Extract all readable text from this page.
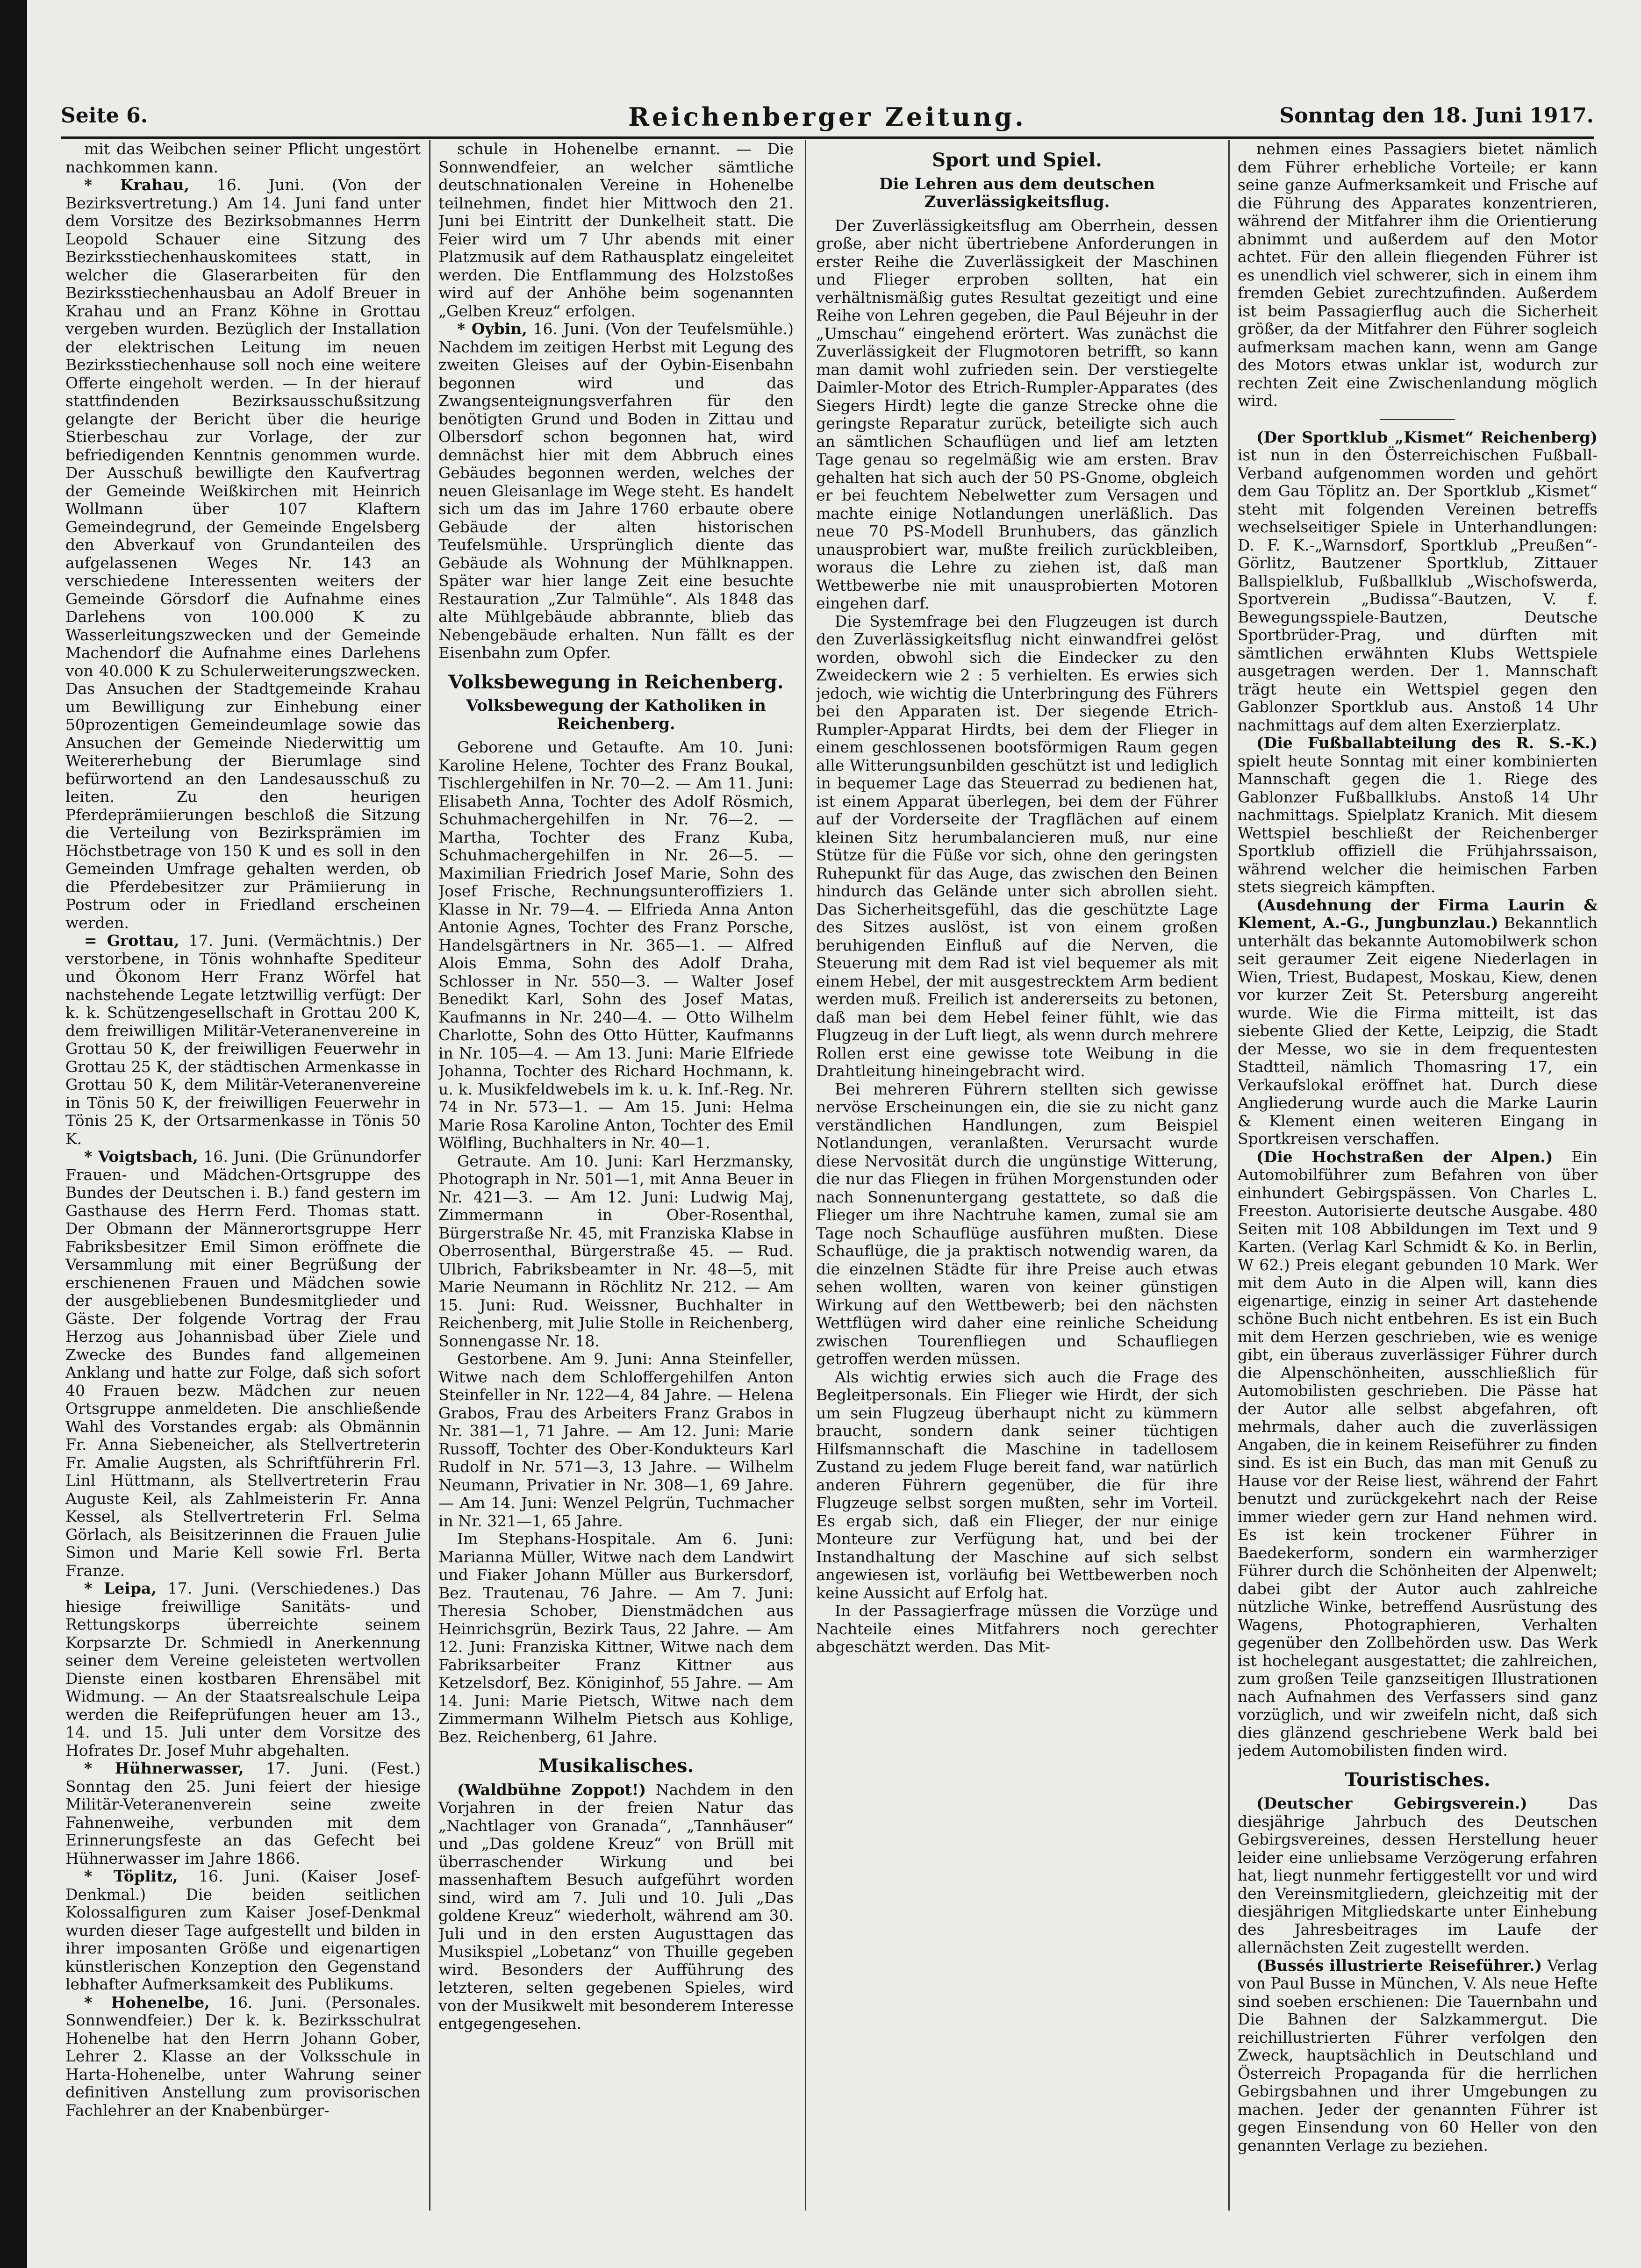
Seite 6.	Reichenberger Zeitung.	Sonntag den 18. Juni 1917.

mit das Weibchen seiner Pflicht ungestört nachkommen kann.

* Krahau, 16. Juni. (Von der Bezirksvertretung.) Am 14. Juni fand unter dem Vorsitze des Bezirksobmannes Herrn Leopold Schauer eine Sitzung des Bezirksstiechenhauskomitees statt, in welcher die Glaserarbeiten für den Bezirksstiechenhausbau an Adolf Breuer in Krahau und an Franz Köhne in Grottau vergeben wurden. Bezüglich der Installation der elektrischen Leitung im neuen Bezirksstiechenhause soll noch eine weitere Offerte eingeholt werden. — In der hierauf stattfindenden Bezirksausschußsitzung gelangte der Bericht über die heurige Stierbeschau zur Vorlage, der zur befriedigenden Kenntnis genommen wurde. Der Ausschuß bewilligte den Kaufvertrag der Gemeinde Weißkirchen mit Heinrich Wollmann über 107 Klaftern Gemeindegrund, der Gemeinde Engelsberg den Abverkauf von Grundanteilen des aufgelassenen Weges Nr. 143 an verschiedene Interessenten weiters der Gemeinde Görsdorf die Aufnahme eines Darlehens von 100.000 K zu Wasserleitungszwecken und der Gemeinde Machendorf die Aufnahme eines Darlehens von 40.000 K zu Schulerweiterungszwecken. Das Ansuchen der Stadtgemeinde Krahau um Bewilligung zur Einhebung einer 50prozentigen Gemeindeumlage sowie das Ansuchen der Gemeinde Niederwittig um Weitererhebung der Bierumlage sind befürwortend an den Landesausschuß zu leiten. Zu den heurigen Pferdeprämiierungen beschloß die Sitzung die Verteilung von Bezirksprämien im Höchstbetrage von 150 K und es soll in den Gemeinden Umfrage gehalten werden, ob die Pferdebesitzer zur Prämiierung in Postrum oder in Friedland erscheinen werden.

= Grottau, 17. Juni. (Vermächtnis.) Der verstorbene, in Tönis wohnhafte Spediteur und Ökonom Herr Franz Wörfel hat nachstehende Legate letztwillig verfügt: Der k. k. Schützengesellschaft in Grottau 200 K, dem freiwilligen Militär-Veteranenvereine in Grottau 50 K, der freiwilligen Feuerwehr in Grottau 25 K, der städtischen Armenkasse in Grottau 50 K, dem Militär-Veteranenvereine in Tönis 50 K, der freiwilligen Feuerwehr in Tönis 25 K, der Ortsarmenkasse in Tönis 50 K.

* Voigtsbach, 16. Juni. (Die Grünundorfer Frauen- und Mädchen-Ortsgruppe des Bundes der Deutschen i. B.) fand gestern im Gasthause des Herrn Ferd. Thomas statt. Der Obmann der Männerortsgruppe Herr Fabriksbesitzer Emil Simon eröffnete die Versammlung mit einer Begrüßung der erschienenen Frauen und Mädchen sowie der ausgebliebenen Bundesmitglieder und Gäste. Der folgende Vortrag der Frau Herzog aus Johannisbad über Ziele und Zwecke des Bundes fand allgemeinen Anklang und hatte zur Folge, daß sich sofort 40 Frauen bezw. Mädchen zur neuen Ortsgruppe anmeldeten. Die anschließende Wahl des Vorstandes ergab: als Obmännin Fr. Anna Siebeneicher, als Stellvertreterin Fr. Amalie Augsten, als Schriftführerin Frl. Linl Hüttmann, als Stellvertreterin Frau Auguste Keil, als Zahlmeisterin Fr. Anna Kessel, als Stellvertreterin Frl. Selma Görlach, als Beisitzerinnen die Frauen Julie Simon und Marie Kell sowie Frl. Berta Franze.

* Leipa, 17. Juni. (Verschiedenes.) Das hiesige freiwillige Sanitäts- und Rettungskorps überreichte seinem Korpsarzte Dr. Schmiedl in Anerkennung seiner dem Vereine geleisteten wertvollen Dienste einen kostbaren Ehrensäbel mit Widmung. — An der Staatsrealschule Leipa werden die Reifeprüfungen heuer am 13., 14. und 15. Juli unter dem Vorsitze des Hofrates Dr. Josef Muhr abgehalten.

* Hühnerwasser, 17. Juni. (Fest.) Sonntag den 25. Juni feiert der hiesige Militär-Veteranenverein seine zweite Fahnenweihe, verbunden mit dem Erinnerungsfeste an das Gefecht bei Hühnerwasser im Jahre 1866.

* Töplitz, 16. Juni. (Kaiser Josef-Denkmal.) Die beiden seitlichen Kolossalfiguren zum Kaiser Josef-Denkmal wurden dieser Tage aufgestellt und bilden in ihrer imposanten Größe und eigenartigen künstlerischen Konzeption den Gegenstand lebhafter Aufmerksamkeit des Publikums.

* Hohenelbe, 16. Juni. (Personales. Sonnwendfeier.) Der k. k. Bezirksschulrat Hohenelbe hat den Herrn Johann Gober, Lehrer 2. Klasse an der Volksschule in Harta-Hohenelbe, unter Wahrung seiner definitiven Anstellung zum provisorischen Fachlehrer an der Knabenbürger-

schule in Hohenelbe ernannt. — Die Sonnwendfeier, an welcher sämtliche deutschnationalen Vereine in Hohenelbe teilnehmen, findet hier Mittwoch den 21. Juni bei Eintritt der Dunkelheit statt. Die Feier wird um 7 Uhr abends mit einer Platzmusik auf dem Rathausplatz eingeleitet werden. Die Entflammung des Holzstoßes wird auf der Anhöhe beim sogenannten „Gelben Kreuz“ erfolgen.

* Oybin, 16. Juni. (Von der Teufelsmühle.) Nachdem im zeitigen Herbst mit Legung des zweiten Gleises auf der Oybin-Eisenbahn begonnen wird und das Zwangsenteignungsverfahren für den benötigten Grund und Boden in Zittau und Olbersdorf schon begonnen hat, wird demnächst hier mit dem Abbruch eines Gebäudes begonnen werden, welches der neuen Gleisanlage im Wege steht. Es handelt sich um das im Jahre 1760 erbaute obere Gebäude der alten historischen Teufelsmühle. Ursprünglich diente das Gebäude als Wohnung der Mühlknappen. Später war hier lange Zeit eine besuchte Restauration „Zur Talmühle“. Als 1848 das alte Mühlgebäude abbrannte, blieb das Nebengebäude erhalten. Nun fällt es der Eisenbahn zum Opfer.

Volksbewegung in Reichenberg.
Volksbewegung der Katholiken in Reichenberg.

Geborene und Getaufte. Am 10. Juni: Karoline Helene, Tochter des Franz Boukal, Tischlergehilfen in Nr. 70—2. — Am 11. Juni: Elisabeth Anna, Tochter des Adolf Rösmich, Schuhmachergehilfen in Nr. 76—2. — Martha, Tochter des Franz Kuba, Schuhmachergehilfen in Nr. 26—5. — Maximilian Friedrich Josef Marie, Sohn des Josef Frische, Rechnungsunteroffiziers 1. Klasse in Nr. 79—4. — Elfrieda Anna Anton Antonie Agnes, Tochter des Franz Porsche, Handelsgärtners in Nr. 365—1. — Alfred Alois Emma, Sohn des Adolf Draha, Schlosser in Nr. 550—3. — Walter Josef Benedikt Karl, Sohn des Josef Matas, Kaufmanns in Nr. 240—4. — Otto Wilhelm Charlotte, Sohn des Otto Hütter, Kaufmanns in Nr. 105—4. — Am 13. Juni: Marie Elfriede Johanna, Tochter des Richard Hochmann, k. u. k. Musikfeldwebels im k. u. k. Inf.-Reg. Nr. 74 in Nr. 573—1. — Am 15. Juni: Helma Marie Rosa Karoline Anton, Tochter des Emil Wölfling, Buchhalters in Nr. 40—1.

Getraute. Am 10. Juni: Karl Herzmansky, Photograph in Nr. 501—1, mit Anna Beuer in Nr. 421—3. — Am 12. Juni: Ludwig Maj, Zimmermann in Ober-Rosenthal, Bürgerstraße Nr. 45, mit Franziska Klabse in Oberrosenthal, Bürgerstraße 45. — Rud. Ulbrich, Fabriksbeamter in Nr. 48—5, mit Marie Neumann in Röchlitz Nr. 212. — Am 15. Juni: Rud. Weissner, Buchhalter in Reichenberg, mit Julie Stolle in Reichenberg, Sonnengasse Nr. 18.

Gestorbene. Am 9. Juni: Anna Steinfeller, Witwe nach dem Schloffergehilfen Anton Steinfeller in Nr. 122—4, 84 Jahre. — Helena Grabos, Frau des Arbeiters Franz Grabos in Nr. 381—1, 71 Jahre. — Am 12. Juni: Marie Russoff, Tochter des Ober-Kondukteurs Karl Rudolf in Nr. 571—3, 13 Jahre. — Wilhelm Neumann, Privatier in Nr. 308—1, 69 Jahre. — Am 14. Juni: Wenzel Pelgrün, Tuchmacher in Nr. 321—1, 65 Jahre.

Im Stephans-Hospitale. Am 6. Juni: Marianna Müller, Witwe nach dem Landwirt und Fiaker Johann Müller aus Burkersdorf, Bez. Trautenau, 76 Jahre. — Am 7. Juni: Theresia Schober, Dienstmädchen aus Heinrichsgrün, Bezirk Taus, 22 Jahre. — Am 12. Juni: Franziska Kittner, Witwe nach dem Fabriksarbeiter Franz Kittner aus Ketzelsdorf, Bez. Königinhof, 55 Jahre. — Am 14. Juni: Marie Pietsch, Witwe nach dem Zimmermann Wilhelm Pietsch aus Kohlige, Bez. Reichenberg, 61 Jahre.

Musikalisches.

(Waldbühne Zoppot!) Nachdem in den Vorjahren in der freien Natur das „Nachtlager von Granada“, „Tannhäuser“ und „Das goldene Kreuz“ von Brüll mit überraschender Wirkung und bei massenhaftem Besuch aufgeführt worden sind, wird am 7. Juli und 10. Juli „Das goldene Kreuz“ wiederholt, während am 30. Juli und in den ersten Augusttagen das Musikspiel „Lobetanz“ von Thuille gegeben wird. Besonders der Aufführung des letzteren, selten gegebenen Spieles, wird von der Musikwelt mit besonderem Interesse entgegengesehen.

Sport und Spiel.
Die Lehren aus dem deutschen Zuverlässigkeitsflug.

Der Zuverlässigkeitsflug am Oberrhein, dessen große, aber nicht übertriebene Anforderungen in erster Reihe die Zuverlässigkeit der Maschinen und Flieger erproben sollten, hat ein verhältnismäßig gutes Resultat gezeitigt und eine Reihe von Lehren gegeben, die Paul Béjeuhr in der „Umschau“ eingehend erörtert. Was zunächst die Zuverlässigkeit der Flugmotoren betrifft, so kann man damit wohl zufrieden sein. Der verstiegelte Daimler-Motor des Etrich-Rumpler-Apparates (des Siegers Hirdt) legte die ganze Strecke ohne die geringste Reparatur zurück, beteiligte sich auch an sämtlichen Schauflügen und lief am letzten Tage genau so regelmäßig wie am ersten. Brav gehalten hat sich auch der 50 PS-Gnome, obgleich er bei feuchtem Nebelwetter zum Versagen und machte einige Notlandungen unerläßlich. Das neue 70 PS-Modell Brunhubers, das gänzlich unausprobiert war, mußte freilich zurückbleiben, woraus die Lehre zu ziehen ist, daß man Wettbewerbe nie mit unausprobierten Motoren eingehen darf.

Die Systemfrage bei den Flugzeugen ist durch den Zuverlässigkeitsflug nicht einwandfrei gelöst worden, obwohl sich die Eindecker zu den Zweideckern wie 2 : 5 verhielten. Es erwies sich jedoch, wie wichtig die Unterbringung des Führers bei den Apparaten ist. Der siegende Etrich-Rumpler-Apparat Hirdts, bei dem der Flieger in einem geschlossenen bootsförmigen Raum gegen alle Witterungsunbilden geschützt ist und lediglich in bequemer Lage das Steuerrad zu bedienen hat, ist einem Apparat überlegen, bei dem der Führer auf der Vorderseite der Tragflächen auf einem kleinen Sitz herumbalancieren muß, nur eine Stütze für die Füße vor sich, ohne den geringsten Ruhepunkt für das Auge, das zwischen den Beinen hindurch das Gelände unter sich abrollen sieht. Das Sicherheitsgefühl, das die geschützte Lage des Sitzes auslöst, ist von einem großen beruhigenden Einfluß auf die Nerven, die Steuerung mit dem Rad ist viel bequemer als mit einem Hebel, der mit ausgestrecktem Arm bedient werden muß. Freilich ist andererseits zu betonen, daß man bei dem Hebel feiner fühlt, wie das Flugzeug in der Luft liegt, als wenn durch mehrere Rollen erst eine gewisse tote Weibung in die Drahtleitung hineingebracht wird.

Bei mehreren Führern stellten sich gewisse nervöse Erscheinungen ein, die sie zu nicht ganz verständlichen Handlungen, zum Beispiel Notlandungen, veranlaßten. Verursacht wurde diese Nervosität durch die ungünstige Witterung, die nur das Fliegen in frühen Morgenstunden oder nach Sonnenuntergang gestattete, so daß die Flieger um ihre Nachtruhe kamen, zumal sie am Tage noch Schauflüge ausführen mußten. Diese Schauflüge, die ja praktisch notwendig waren, da die einzelnen Städte für ihre Preise auch etwas sehen wollten, waren von keiner günstigen Wirkung auf den Wettbewerb; bei den nächsten Wettflügen wird daher eine reinliche Scheidung zwischen Tourenfliegen und Schaufliegen getroffen werden müssen.

Als wichtig erwies sich auch die Frage des Begleitpersonals. Ein Flieger wie Hirdt, der sich um sein Flugzeug überhaupt nicht zu kümmern braucht, sondern dank seiner tüchtigen Hilfsmannschaft die Maschine in tadellosem Zustand zu jedem Fluge bereit fand, war natürlich anderen Führern gegenüber, die für ihre Flugzeuge selbst sorgen mußten, sehr im Vorteil. Es ergab sich, daß ein Flieger, der nur einige Monteure zur Verfügung hat, und bei der Instandhaltung der Maschine auf sich selbst angewiesen ist, vorläufig bei Wettbewerben noch keine Aussicht auf Erfolg hat.

In der Passagierfrage müssen die Vorzüge und Nachteile eines Mitfahrers noch gerechter abgeschätzt werden. Das Mit-

nehmen eines Passagiers bietet nämlich dem Führer erhebliche Vorteile; er kann seine ganze Aufmerksamkeit und Frische auf die Führung des Apparates konzentrieren, während der Mitfahrer ihm die Orientierung abnimmt und außerdem auf den Motor achtet. Für den allein fliegenden Führer ist es unendlich viel schwerer, sich in einem ihm fremden Gebiet zurechtzufinden. Außerdem ist beim Passagierflug auch die Sicherheit größer, da der Mitfahrer den Führer sogleich aufmerksam machen kann, wenn am Gange des Motors etwas unklar ist, wodurch zur rechten Zeit eine Zwischenlandung möglich wird.

(Der Sportklub „Kismet“ Reichenberg) ist nun in den Österreichischen Fußball-Verband aufgenommen worden und gehört dem Gau Töplitz an. Der Sportklub „Kismet“ steht mit folgenden Vereinen betreffs wechselseitiger Spiele in Unterhandlungen: D. F. K.-„Warnsdorf, Sportklub „Preußen“-Görlitz, Bautzener Sportklub, Zittauer Ballspielklub, Fußballklub „Wischofswerda, Sportverein „Budissa“-Bautzen, V. f. Bewegungsspiele-Bautzen, Deutsche Sportbrüder-Prag, und dürften mit sämtlichen erwähnten Klubs Wettspiele ausgetragen werden. Der 1. Mannschaft trägt heute ein Wettspiel gegen den Gablonzer Sportklub aus. Anstoß 14 Uhr nachmittags auf dem alten Exerzierplatz.

(Die Fußballabteilung des R. S.-K.) spielt heute Sonntag mit einer kombinierten Mannschaft gegen die 1. Riege des Gablonzer Fußballklubs. Anstoß 14 Uhr nachmittags. Spielplatz Kranich. Mit diesem Wettspiel beschließt der Reichenberger Sportklub offiziell die Frühjahrssaison, während welcher die heimischen Farben stets siegreich kämpften.

(Ausdehnung der Firma Laurin & Klement, A.-G., Jungbunzlau.) Bekanntlich unterhält das bekannte Automobilwerk schon seit geraumer Zeit eigene Niederlagen in Wien, Triest, Budapest, Moskau, Kiew, denen vor kurzer Zeit St. Petersburg angereiht wurde. Wie die Firma mitteilt, ist das siebente Glied der Kette, Leipzig, die Stadt der Messe, wo sie in dem frequentesten Stadtteil, nämlich Thomasring 17, ein Verkaufslokal eröffnet hat. Durch diese Angliederung wurde auch die Marke Laurin & Klement einen weiteren Eingang in Sportkreisen verschaffen.

(Die Hochstraßen der Alpen.) Ein Automobilführer zum Befahren von über einhundert Gebirgspässen. Von Charles L. Freeston. Autorisierte deutsche Ausgabe. 480 Seiten mit 108 Abbildungen im Text und 9 Karten. (Verlag Karl Schmidt & Ko. in Berlin, W 62.) Preis elegant gebunden 10 Mark. Wer mit dem Auto in die Alpen will, kann dies eigenartige, einzig in seiner Art dastehende schöne Buch nicht entbehren. Es ist ein Buch mit dem Herzen geschrieben, wie es wenige gibt, ein überaus zuverlässiger Führer durch die Alpenschönheiten, ausschließlich für Automobilisten geschrieben. Die Pässe hat der Autor alle selbst abgefahren, oft mehrmals, daher auch die zuverlässigen Angaben, die in keinem Reiseführer zu finden sind. Es ist ein Buch, das man mit Genuß zu Hause vor der Reise liest, während der Fahrt benutzt und zurückgekehrt nach der Reise immer wieder gern zur Hand nehmen wird. Es ist kein trockener Führer in Baedekerform, sondern ein warmherziger Führer durch die Schönheiten der Alpenwelt; dabei gibt der Autor auch zahlreiche nützliche Winke, betreffend Ausrüstung des Wagens, Photographieren, Verhalten gegenüber den Zollbehörden usw. Das Werk ist hochelegant ausgestattet; die zahlreichen, zum großen Teile ganzseitigen Illustrationen nach Aufnahmen des Verfassers sind ganz vorzüglich, und wir zweifeln nicht, daß sich dies glänzend geschriebene Werk bald bei jedem Automobilisten finden wird.

Touristisches.

(Deutscher Gebirgsverein.) Das diesjährige Jahrbuch des Deutschen Gebirgsvereines, dessen Herstellung heuer leider eine unliebsame Verzögerung erfahren hat, liegt nunmehr fertiggestellt vor und wird den Vereinsmitgliedern, gleichzeitig mit der diesjährigen Mitgliedskarte unter Einhebung des Jahresbeitrages im Laufe der allernächsten Zeit zugestellt werden.

(Bussés illustrierte Reiseführer.) Verlag von Paul Busse in München, V. Als neue Hefte sind soeben erschienen: Die Tauernbahn und Die Bahnen der Salzkammergut. Die reichillustrierten Führer verfolgen den Zweck, hauptsächlich in Deutschland und Österreich Propaganda für die herrlichen Gebirgsbahnen und ihrer Umgebungen zu machen. Jeder der genannten Führer ist gegen Einsendung von 60 Heller von den genannten Verlage zu beziehen.
